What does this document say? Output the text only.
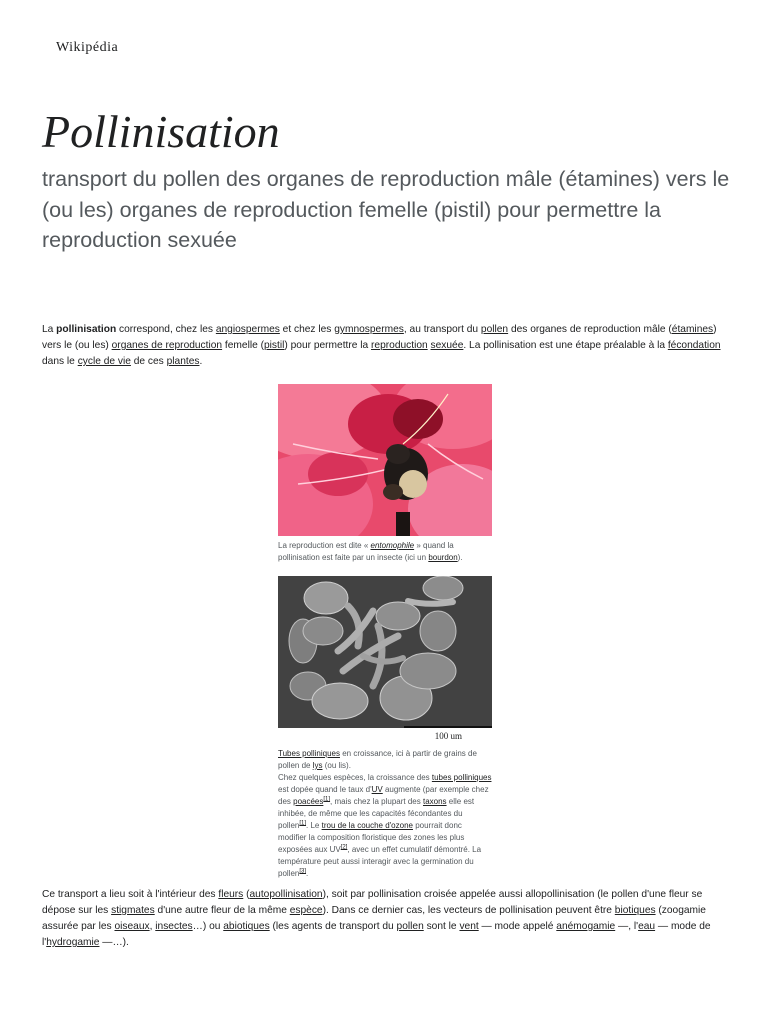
Wikipédia
Pollinisation

transport du pollen des organes de reproduction mâle (étamines) vers le (ou les) organes de reproduction femelle (pistil) pour permettre la reproduction sexuée

La pollinisation correspond, chez les angiospermes et chez les gymnospermes, au transport du pollen des organes de reproduction mâle (étamines) vers le (ou les) organes de reproduction femelle (pistil) pour permettre la reproduction sexuée. La pollinisation est une étape préalable à la fécondation dans le cycle de vie de ces plantes.

La reproduction est dite « entomophile » quand la pollinisation est faite par un insecte (ici un bourdon).
100 um
Tubes polliniques en croissance, ici à partir de grains de pollen de lys (ou lis).
Chez quelques espèces, la croissance des tubes polliniques est dopée quand le taux d'UV augmente (par exemple chez des poacées[1], mais chez la plupart des taxons elle est inhibée, de même que les capacités fécondantes du pollen[1]. Le trou de la couche d'ozone pourrait donc modifier la composition floristique des zones les plus exposées aux UV[2], avec un effet cumulatif démontré. La température peut aussi interagir avec la germination du pollen[3].

Ce transport a lieu soit à l'intérieur des fleurs (autopollinisation), soit par pollinisation croisée appelée aussi allopollinisation (le pollen d'une fleur se dépose sur les stigmates d'une autre fleur de la même espèce). Dans ce dernier cas, les vecteurs de pollinisation peuvent être biotiques (zoogamie assurée par les oiseaux, insectes…) ou abiotiques (les agents de transport du pollen sont le vent — mode appelé anémogamie —, l'eau — mode de l'hydrogamie —…).
